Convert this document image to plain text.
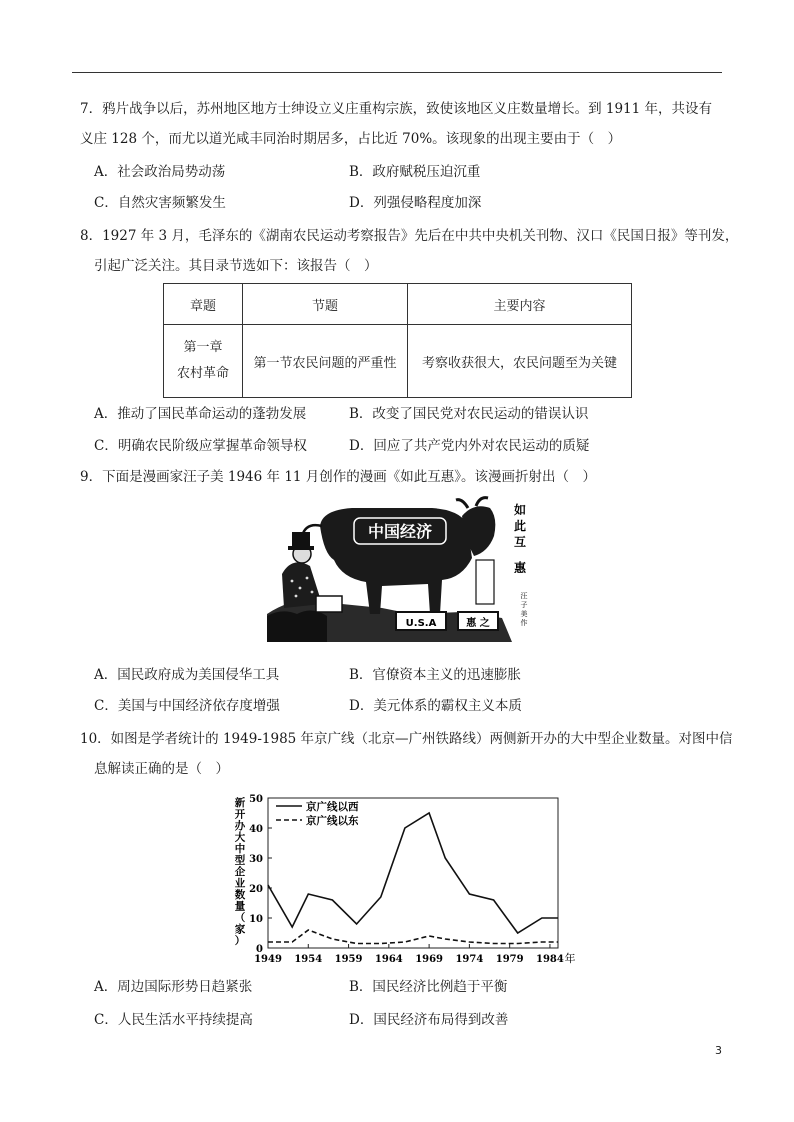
7．鸦片战争以后，苏州地区地方士绅设立义庄重构宗族，致使该地区义庄数量增长。到 1911 年，共设有
义庄 128 个，而尤以道光咸丰同治时期居多，占比近 70%。该现象的出现主要由于（　）
A．社会政治局势动荡	B．政府赋税压迫沉重
C．自然灾害频繁发生	D．列强侵略程度加深
8．1927 年 3 月，毛泽东的《湖南农民运动考察报告》先后在中共中央机关刊物、汉口《民国日报》等刊发，
引起广泛关注。其目录节选如下：该报告（　）
章题	节题	主要内容

第一章
农村革命	第一节农民问题的严重性	考察收获很大，农民问题至为关键
A．推动了国民革命运动的蓬勃发展	B．改变了国民党对农民运动的错误认识
C．明确农民阶级应掌握革命领导权	D．回应了共产党内外对农民运动的质疑
9．下面是漫画家汪子美 1946 年 11 月创作的漫画《如此互惠》。该漫画折射出（　）
中国经济
U.S.A	惠 之
如
此
互
惠
汪
子
美
作
A．国民政府成为美国侵华工具	B．官僚资本主义的迅速膨胀
C．美国与中国经济依存度增强	D．美元体系的霸权主义本质
10．如图是学者统计的 1949-1985 年京广线（北京—广州铁路线）两侧新开办的大中型企业数量。对图中信
息解读正确的是（　）
0
10
20
30
40
50
1949 1954 1959 1964 1969 1974 1979 1984 年
新
开
办
大
中
型
企
业
数
量
（
家
）
京广线以西
京广线以东
A．周边国际形势日趋紧张	B．国民经济比例趋于平衡
C．人民生活水平持续提高	D．国民经济布局得到改善
3
